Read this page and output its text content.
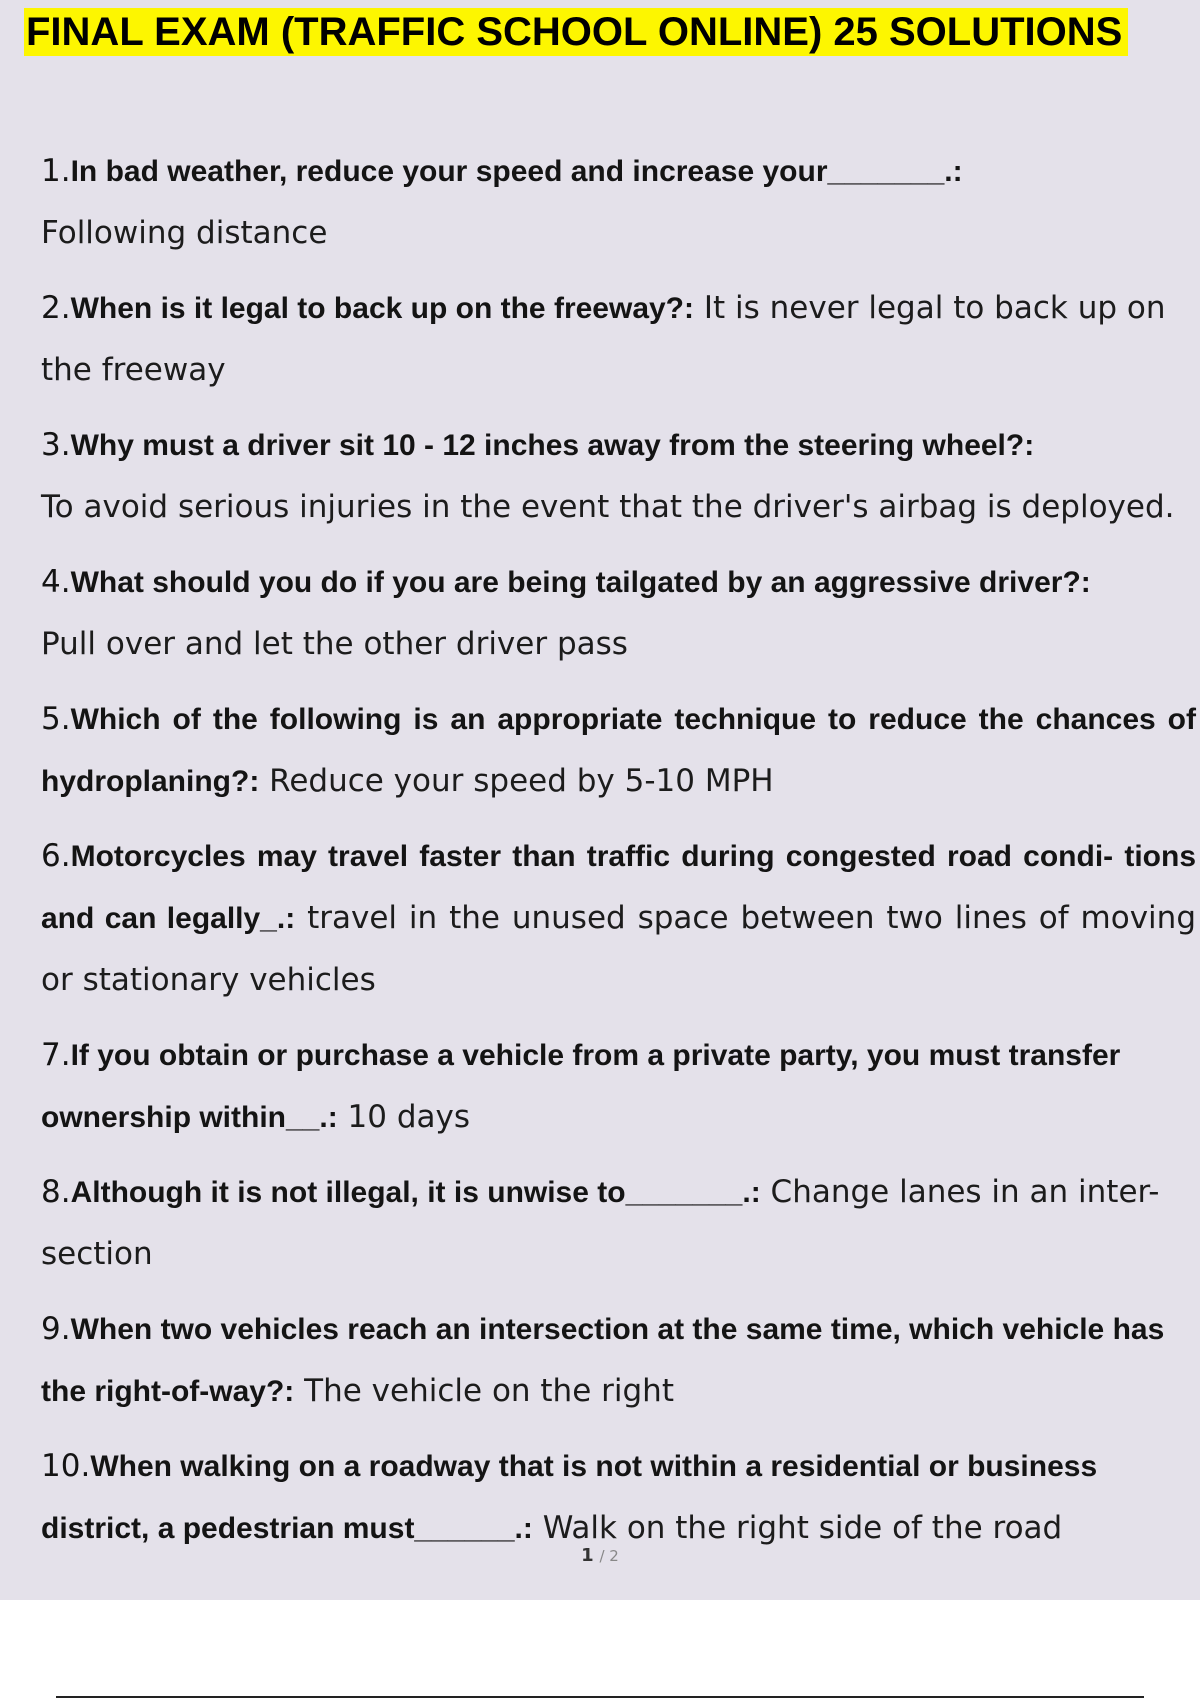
FINAL EXAM (TRAFFIC SCHOOL ONLINE) 25 SOLUTIONS
1.In bad weather, reduce your speed and increase your_______.:
Following distance
2.When is it legal to back up on the freeway?: It is never legal to back up on the freeway
3.Why must a driver sit 10 - 12 inches away from the steering wheel?:
To avoid serious injuries in the event that the driver's airbag is deployed.
4.What should you do if you are being tailgated by an aggressive driver?:
Pull over and let the other driver pass
5.Which of the following is an appropriate technique to reduce the chances of hydroplaning?: Reduce your speed by 5-10 MPH
6.Motorcycles may travel faster than traffic during congested road condi- tions and can legally_.: travel in the unused space between two lines of moving or stationary vehicles
7.If you obtain or purchase a vehicle from a private party, you must transfer ownership within__.: 10 days
8.Although it is not illegal, it is unwise to_______.: Change lanes in an inter- section
9.When two vehicles reach an intersection at the same time, which vehicle has the right-of-way?: The vehicle on the right
10.When walking on a roadway that is not within a residential or business district, a pedestrian must______.: Walk on the right side of the road
1 / 2
